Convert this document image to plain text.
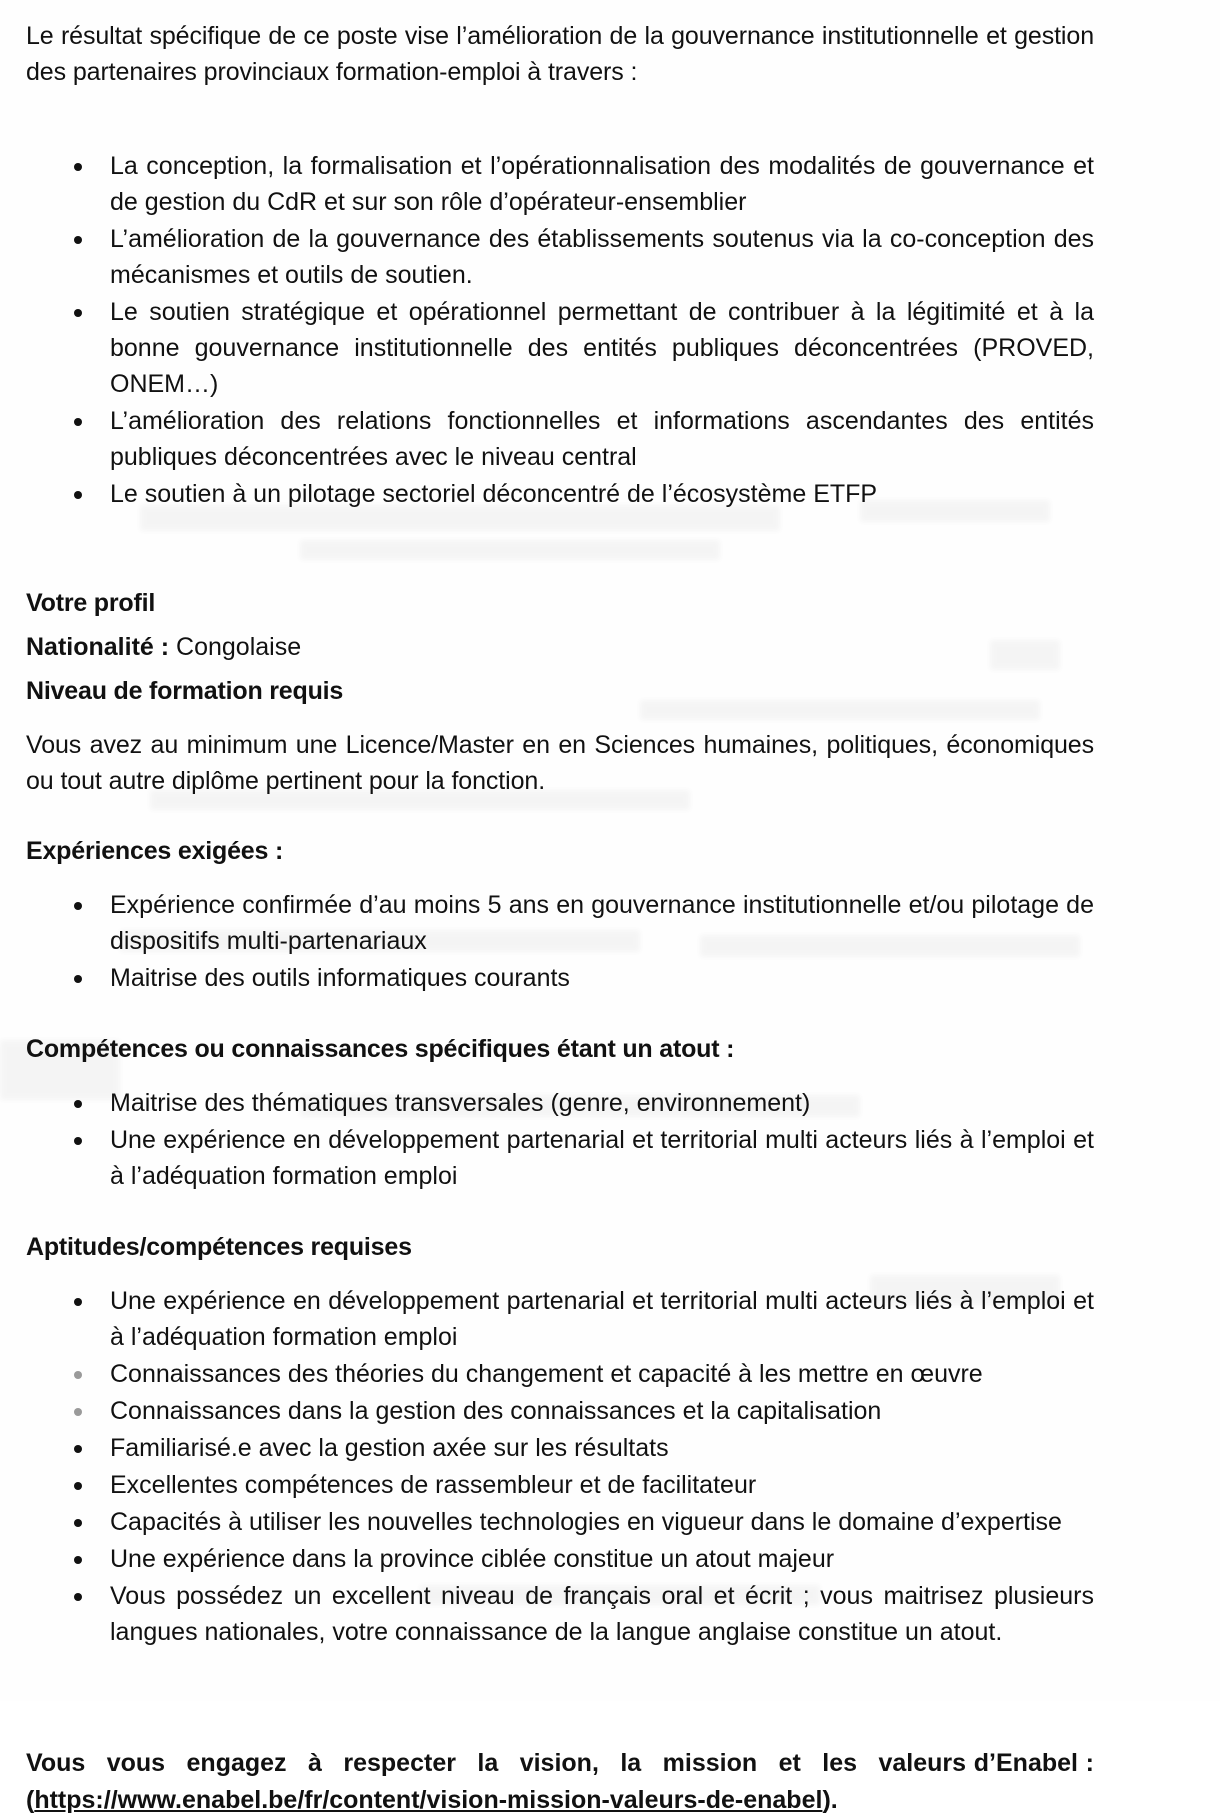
Le résultat spécifique de ce poste vise l’amélioration de la gouvernance institutionnelle et gestion des partenaires provinciaux formation-emploi à travers :

La conception, la formalisation et l’opérationnalisation des modalités de gouvernance et de gestion du CdR et sur son rôle d’opérateur-ensemblier
L’amélioration de la gouvernance des établissements soutenus via la co-conception des mécanismes et outils de soutien.
Le soutien stratégique et opérationnel permettant de contribuer à la légitimité et à la bonne gouvernance institutionnelle des entités publiques déconcentrées (PROVED, ONEM…)
L’amélioration des relations fonctionnelles et informations ascendantes des entités publiques déconcentrées avec le niveau central
Le soutien à un pilotage sectoriel déconcentré de l’écosystème ETFP
Votre profil
Nationalité : Congolaise
Niveau de formation requis

Vous avez au minimum une Licence/Master en en Sciences humaines, politiques, économiques ou tout autre diplôme pertinent pour la fonction.

Expériences exigées :
Expérience confirmée d’au moins 5 ans en gouvernance institutionnelle et/ou pilotage de dispositifs multi-partenariaux
Maitrise des outils informatiques courants
Compétences ou connaissances spécifiques étant un atout :
Maitrise des thématiques transversales (genre, environnement)
Une expérience en développement partenarial et territorial multi acteurs liés à l’emploi et à l’adéquation formation emploi
Aptitudes/compétences requises
Une expérience en développement partenarial et territorial multi acteurs liés à l’emploi et à l’adéquation formation emploi
Connaissances des théories du changement et capacité à les mettre en œuvre
Connaissances dans la gestion des connaissances et la capitalisation
Familiarisé.e avec la gestion axée sur les résultats
Excellentes compétences de rassembleur et de facilitateur
Capacités à utiliser les nouvelles technologies en vigueur dans le domaine d’expertise
Une expérience dans la province ciblée constitue un atout majeur
Vous possédez un excellent niveau de français oral et écrit ; vous maitrisez plusieurs langues nationales, votre connaissance de la langue anglaise constitue un atout.

Vous vous engagez à respecter la vision, la mission et les valeurs d’Enabel :(https://www.enabel.be/fr/content/vision-mission-valeurs-de-enabel).
